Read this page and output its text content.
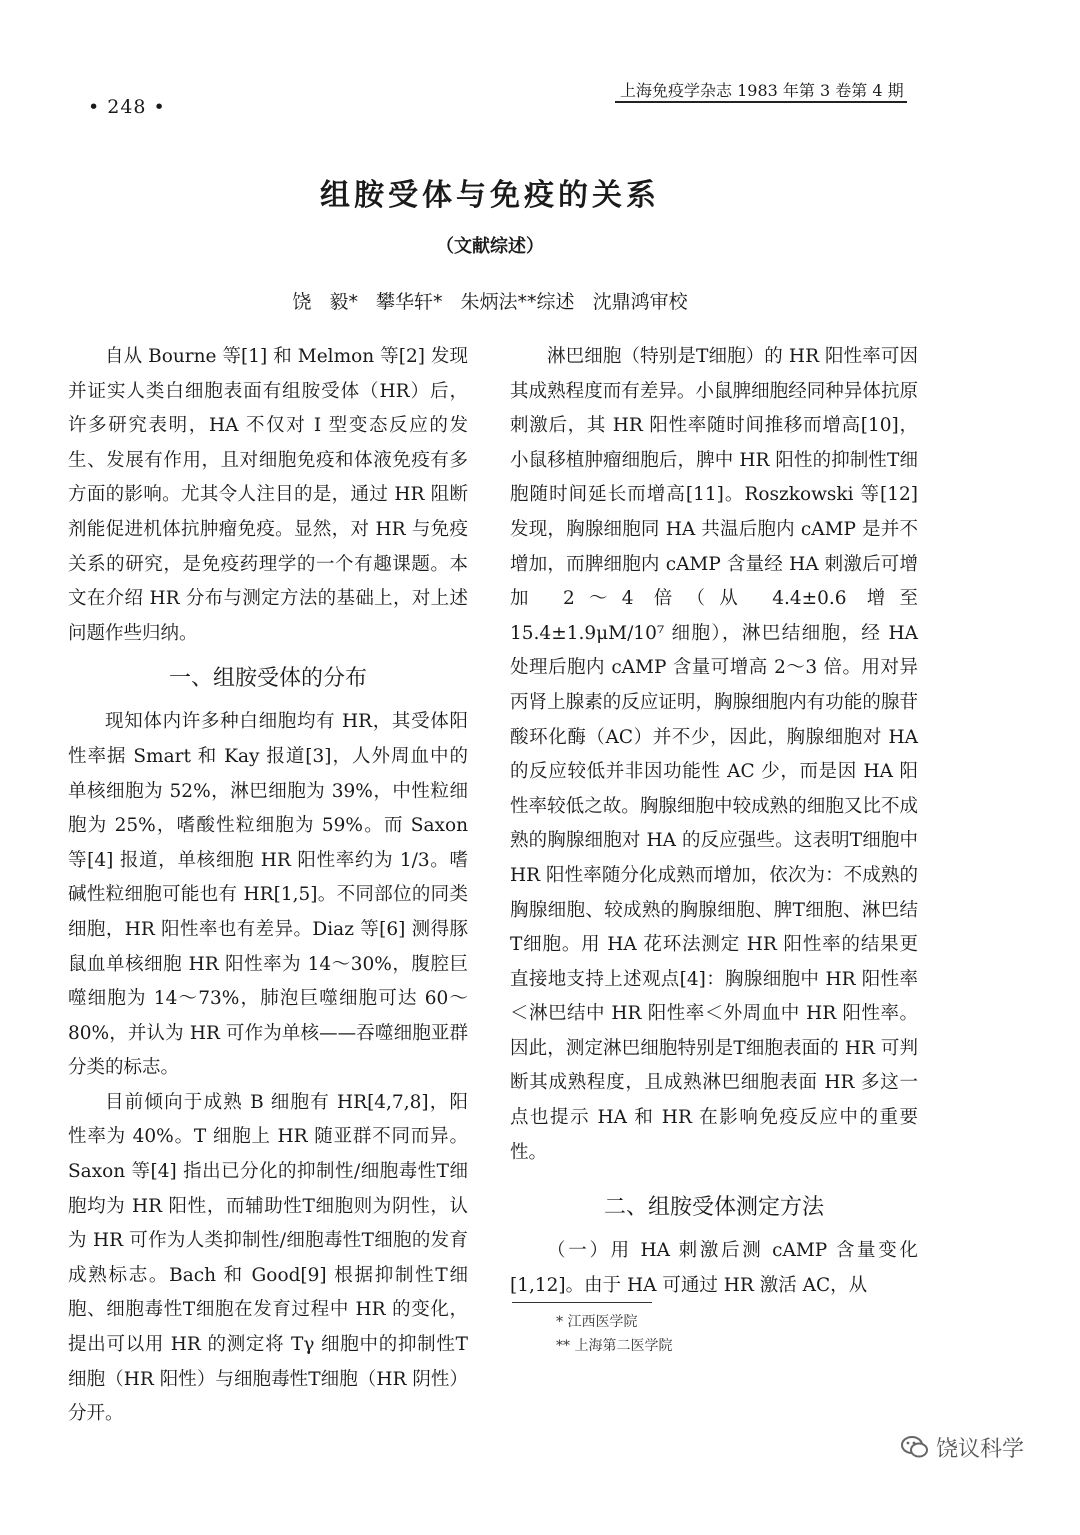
• 248 •
上海免疫学杂志 1983 年第 3 卷第 4 期
组胺受体与免疫的关系
（文献综述）
饶 毅* 攀华轩* 朱炳法**综述 沈鼎鸿审校

自从 Bourne 等[1] 和 Melmon 等[2] 发现并证实人类白细胞表面有组胺受体（HR）后，许多研究表明，HA 不仅对 I 型变态反应的发生、发展有作用，且对细胞免疫和体液免疫有多方面的影响。尤其令人注目的是，通过 HR 阻断剂能促进机体抗肿瘤免疫。显然，对 HR 与免疫关系的研究，是免疫药理学的一个有趣课题。本文在介绍 HR 分布与测定方法的基础上，对上述问题作些归纳。

一、组胺受体的分布

现知体内许多种白细胞均有 HR，其受体阳性率据 Smart 和 Kay 报道[3]，人外周血中的单核细胞为 52%，淋巴细胞为 39%，中性粒细胞为 25%，嗜酸性粒细胞为 59%。而 Saxon 等[4] 报道，单核细胞 HR 阳性率约为 1/3。嗜碱性粒细胞可能也有 HR[1,5]。不同部位的同类细胞，HR 阳性率也有差异。Diaz 等[6] 测得豚鼠血单核细胞 HR 阳性率为 14～30%，腹腔巨噬细胞为 14～73%，肺泡巨噬细胞可达 60～80%，并认为 HR 可作为单核——吞噬细胞亚群分类的标志。

目前倾向于成熟 B 细胞有 HR[4,7,8]，阳性率为 40%。T 细胞上 HR 随亚群不同而异。Saxon 等[4] 指出已分化的抑制性/细胞毒性T细胞均为 HR 阳性，而辅助性T细胞则为阴性，认为 HR 可作为人类抑制性/细胞毒性T细胞的发育成熟标志。Bach 和 Good[9] 根据抑制性T细胞、细胞毒性T细胞在发育过程中 HR 的变化，提出可以用 HR 的测定将 Tγ 细胞中的抑制性T细胞（HR 阳性）与细胞毒性T细胞（HR 阴性）分开。

淋巴细胞（特别是T细胞）的 HR 阳性率可因其成熟程度而有差异。小鼠脾细胞经同种异体抗原刺激后，其 HR 阳性率随时间推移而增高[10]，小鼠移植肿瘤细胞后，脾中 HR 阳性的抑制性T细胞随时间延长而增高[11]。Roszkowski 等[12] 发现，胸腺细胞同 HA 共温后胞内 cAMP 是并不增加，而脾细胞内 cAMP 含量经 HA 刺激后可增加 2～4 倍（从 4.4±0.6 增至 15.4±1.9μM/10⁷ 细胞），淋巴结细胞，经 HA 处理后胞内 cAMP 含量可增高 2～3 倍。用对异丙肾上腺素的反应证明，胸腺细胞内有功能的腺苷酸环化酶（AC）并不少，因此，胸腺细胞对 HA 的反应较低并非因功能性 AC 少，而是因 HA 阳性率较低之故。胸腺细胞中较成熟的细胞又比不成熟的胸腺细胞对 HA 的反应强些。这表明T细胞中 HR 阳性率随分化成熟而增加，依次为：不成熟的胸腺细胞、较成熟的胸腺细胞、脾T细胞、淋巴结T细胞。用 HA 花环法测定 HR 阳性率的结果更直接地支持上述观点[4]：胸腺细胞中 HR 阳性率＜淋巴结中 HR 阳性率＜外周血中 HR 阳性率。因此，测定淋巴细胞特别是T细胞表面的 HR 可判断其成熟程度，且成熟淋巴细胞表面 HR 多这一点也提示 HA 和 HR 在影响免疫反应中的重要性。

二、组胺受体测定方法

（一）用 HA 刺激后测 cAMP 含量变化[1,12]。由于 HA 可通过 HR 激活 AC，从

* 江西医学院
** 上海第二医学院
饶议科学
